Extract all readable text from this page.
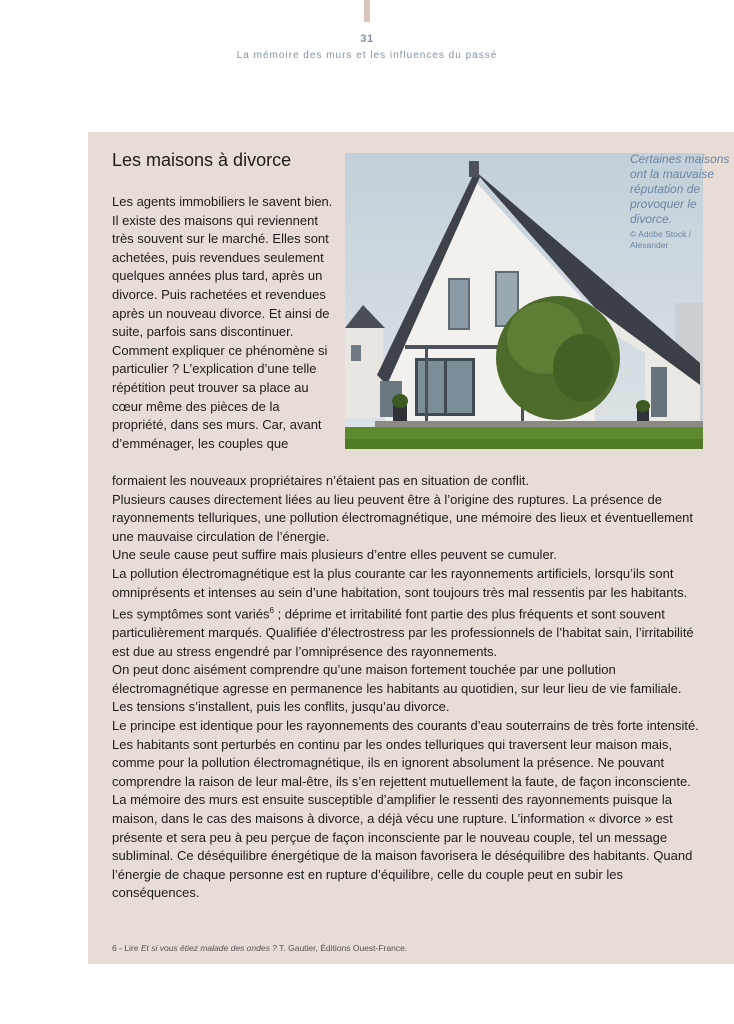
31
La mémoire des murs et les influences du passé
Les maisons à divorce	Certaines maisons ont la mauvaise réputation de provoquer le divorce.
© Adobe Stock / Alexander

Les agents immobiliers le savent bien. Il existe des maisons qui reviennent très souvent sur le marché. Elles sont achetées, puis revendues seulement quelques années plus tard, après un divorce. Puis rachetées et revendues après un nouveau divorce. Et ainsi de suite, parfois sans discontinuer. Comment expliquer ce phénomène si particulier ? L’explication d’une telle répétition peut trouver sa place au cœur même des pièces de la propriété, dans ses murs. Car, avant d’emménager, les couples que

formaient les nouveaux propriétaires n’étaient pas en situation de conflit.

Plusieurs causes directement liées au lieu peuvent être à l’origine des ruptures. La présence de rayonnements telluriques, une pollution électromagnétique, une mémoire des lieux et éventuellement une mauvaise circulation de l’énergie.

Une seule cause peut suffire mais plusieurs d’entre elles peuvent se cumuler.

La pollution électromagnétique est la plus courante car les rayonnements artificiels, lorsqu’ils sont omniprésents et intenses au sein d’une habitation, sont toujours très mal ressentis par les habitants. Les symptômes sont variés$^6$ ; déprime et irritabilité font partie des plus fréquents et sont souvent particulièrement marqués. Qualifiée d’électrostress par les professionnels de l’habitat sain, l’irritabilité est due au stress engendré par l’omniprésence des rayonnements.

On peut donc aisément comprendre qu’une maison fortement touchée par une pollution électromagnétique agresse en permanence les habitants au quotidien, sur leur lieu de vie familiale. Les tensions s’installent, puis les conflits, jusqu’au divorce.

Le principe est identique pour les rayonnements des courants d’eau souterrains de très forte intensité. Les habitants sont perturbés en continu par les ondes telluriques qui traversent leur maison mais, comme pour la pollution électromagnétique, ils en ignorent absolument la présence. Ne pouvant comprendre la raison de leur mal-être, ils s’en rejettent mutuellement la faute, de façon inconsciente.

La mémoire des murs est ensuite susceptible d’amplifier le ressenti des rayonnements puisque la maison, dans le cas des maisons à divorce, a déjà vécu une rupture. L’information « divorce » est présente et sera peu à peu perçue de façon inconsciente par le nouveau couple, tel un message subliminal. Ce déséquilibre énergétique de la maison favorisera le déséquilibre des habitants. Quand l’énergie de chaque personne est en rupture d’équilibre, celle du couple peut en subir les conséquences.

6 - Lire Et si vous étiez malade des ondes ? T. Gautier, Éditions Ouest-France.
